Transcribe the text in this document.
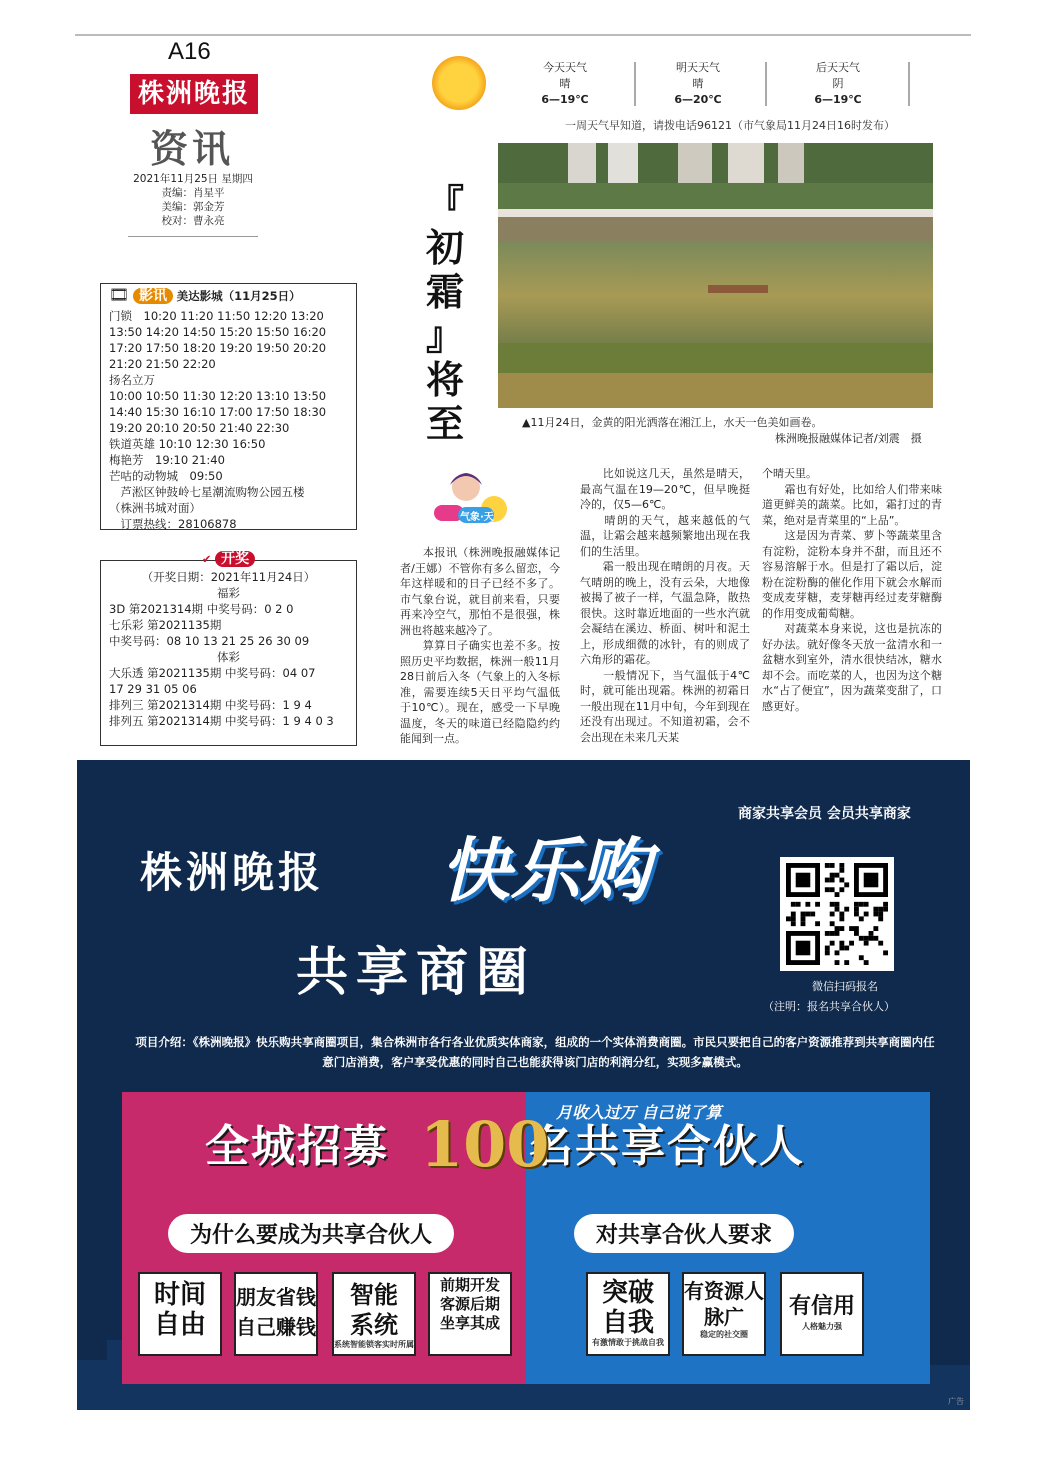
A16
株洲晚报
资讯
2021年11月25日 星期四
责编：肖星平
美编：郭金芳
校对：曹永亮
🎞 影讯 美达影城（11月25日）
门锁　10:20 11:20 11:50 12:20 13:20
13:50 14:20 14:50 15:20 15:50 16:20
17:20 17:50 18:20 19:20 19:50 20:20
21:20 21:50 22:20
扬名立万
10:00 10:50 11:30 12:20 13:10 13:50
14:40 15:30 16:10 17:00 17:50 18:30
19:20 20:10 20:50 21:40 22:30
铁道英雄 10:10 12:30 16:50
梅艳芳　19:10 21:40
芒咕的动物城　09:50
　芦淞区钟鼓岭七星潮流购物公园五楼
（株洲书城对面）
　订票热线：28106878
✔ 开奖
（开奖日期：2021年11月24日）
福彩
3D 第2021314期 中奖号码：0 2 0
七乐彩 第2021135期
中奖号码：08 10 13 21 25 26 30 09
体彩
大乐透 第2021135期 中奖号码：04 07
17 29 31 05 06
排列三 第2021314期 中奖号码：1 9 4
排列五 第2021314期 中奖号码：1 9 4 0 3
今天天气
晴
6—19℃
明天天气
晴
6—20℃
后天天气
阴
6—19℃
一周天气早知道，请拨电话96121（市气象局11月24日16时发布）
『
初
霜
』
将
至	▲11月24日，金黄的阳光洒落在湘江上，水天一色美如画卷。
株洲晚报融媒体记者/刘震　摄
气象·天
　　本报讯（株洲晚报融媒体记者/王娜）不管你有多么留恋，今年这样暖和的日子已经不多了。市气象台说，就目前来看，只要再来冷空气，那怕不是很强，株洲也将越来越冷了。
　　算算日子确实也差不多。按照历史平均数据，株洲一般11月28日前后入冬（气象上的入冬标准，需要连续5天日平均气温低于10℃）。现在，感受一下早晚温度，冬天的味道已经隐隐约约能闻到一点。
　　比如说这几天，虽然是晴天，最高气温在19—20℃，但早晚挺冷的，仅5—6℃。
　　晴朗的天气，越来越低的气温，让霜会越来越频繁地出现在我们的生活里。
　　霜一般出现在晴朗的月夜。天气晴朗的晚上，没有云朵，大地像被揭了被子一样，气温急降，散热很快。这时靠近地面的一些水汽就会凝结在溪边、桥面、树叶和泥土上，形成细微的冰针，有的则成了六角形的霜花。
　　一般情况下，当气温低于4℃时，就可能出现霜。株洲的初霜日一般出现在11月中旬，今年到现在还没有出现过。不知道初霜，会不会出现在未来几天某
个晴天里。
　　霜也有好处，比如给人们带来味道更鲜美的蔬菜。比如，霜打过的青菜，绝对是青菜里的“上品”。
　　这是因为青菜、萝卜等蔬菜里含有淀粉，淀粉本身并不甜，而且还不容易溶解于水。但是打了霜以后，淀粉在淀粉酶的催化作用下就会水解而变成麦芽糖，麦芽糖再经过麦芽糖酶的作用变成葡萄糖。
　　对蔬菜本身来说，这也是抗冻的好办法。就好像冬天放一盆清水和一盆糖水到室外，清水很快结冰，糖水却不会。而吃菜的人，也因为这个糖水“占了便宜”，因为蔬菜变甜了，口感更好。
商家共享会员 会员共享商家
株洲晚报 快乐购
共享商圈	微信扫码报名
（注明：报名共享合伙人）
项目介绍：《株洲晚报》快乐购共享商圈项目，集合株洲市各行各业优质实体商家，组成的一个实体消费商圈。市民只要把自己的客户资源推荐到共享商圈内任意门店消费，客户享受优惠的同时自己也能获得该门店的利润分红，实现多赢模式。
月收入过万 自己说了算
全城招募	名共享合伙人
100
为什么要成为共享合伙人	对共享合伙人要求
时间自由
朋友省钱自己赚钱
智能系统
系统智能锁客实时所属
前期开发客源后期坐享其成
突破自我
有激情敢于挑战自我
有资源人脉广
稳定的社交圈
有信用
人格魅力强
广告
